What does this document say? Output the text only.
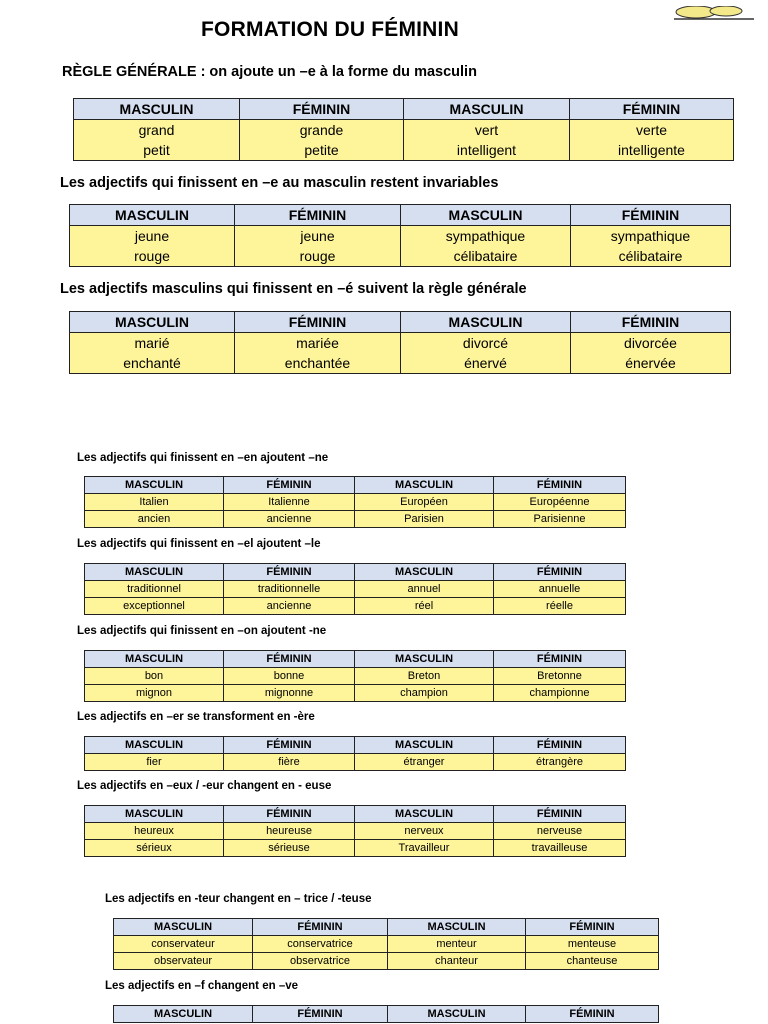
FORMATION DU FÉMININ
RÈGLE GÉNÉRALE : on ajoute un –e à la forme du masculin
MASCULIN	FÉMININ	MASCULIN	FÉMININ
grand	grande	vert	verte
petit	petite	intelligent	intelligente
Les adjectifs qui finissent en –e au masculin restent invariables
MASCULIN	FÉMININ	MASCULIN	FÉMININ
jeune	jeune	sympathique	sympathique
rouge	rouge	célibataire	célibataire
Les adjectifs masculins qui finissent en –é suivent la règle générale
MASCULIN	FÉMININ	MASCULIN	FÉMININ
marié	mariée	divorcé	divorcée
enchanté	enchantée	énervé	énervée
Les adjectifs qui finissent en –en ajoutent –ne
MASCULIN	FÉMININ	MASCULIN	FÉMININ
Italien	Italienne	Européen	Européenne
ancien	ancienne	Parisien	Parisienne
Les adjectifs qui finissent en –el ajoutent –le
MASCULIN	FÉMININ	MASCULIN	FÉMININ
traditionnel	traditionnelle	annuel	annuelle
exceptionnel	ancienne	réel	réelle
Les adjectifs qui finissent en –on ajoutent -ne
MASCULIN	FÉMININ	MASCULIN	FÉMININ
bon	bonne	Breton	Bretonne
mignon	mignonne	champion	championne
Les adjectifs en –er se transforment en -ère
MASCULIN	FÉMININ	MASCULIN	FÉMININ
fier	fière	étranger	étrangère
Les adjectifs en –eux / -eur changent en - euse
MASCULIN	FÉMININ	MASCULIN	FÉMININ
heureux	heureuse	nerveux	nerveuse
sérieux	sérieuse	Travailleur	travailleuse
Les adjectifs en -teur changent en – trice / -teuse
MASCULIN	FÉMININ	MASCULIN	FÉMININ
conservateur	conservatrice	menteur	menteuse
observateur	observatrice	chanteur	chanteuse
Les adjectifs en –f changent en –ve
MASCULIN	FÉMININ	MASCULIN	FÉMININ
